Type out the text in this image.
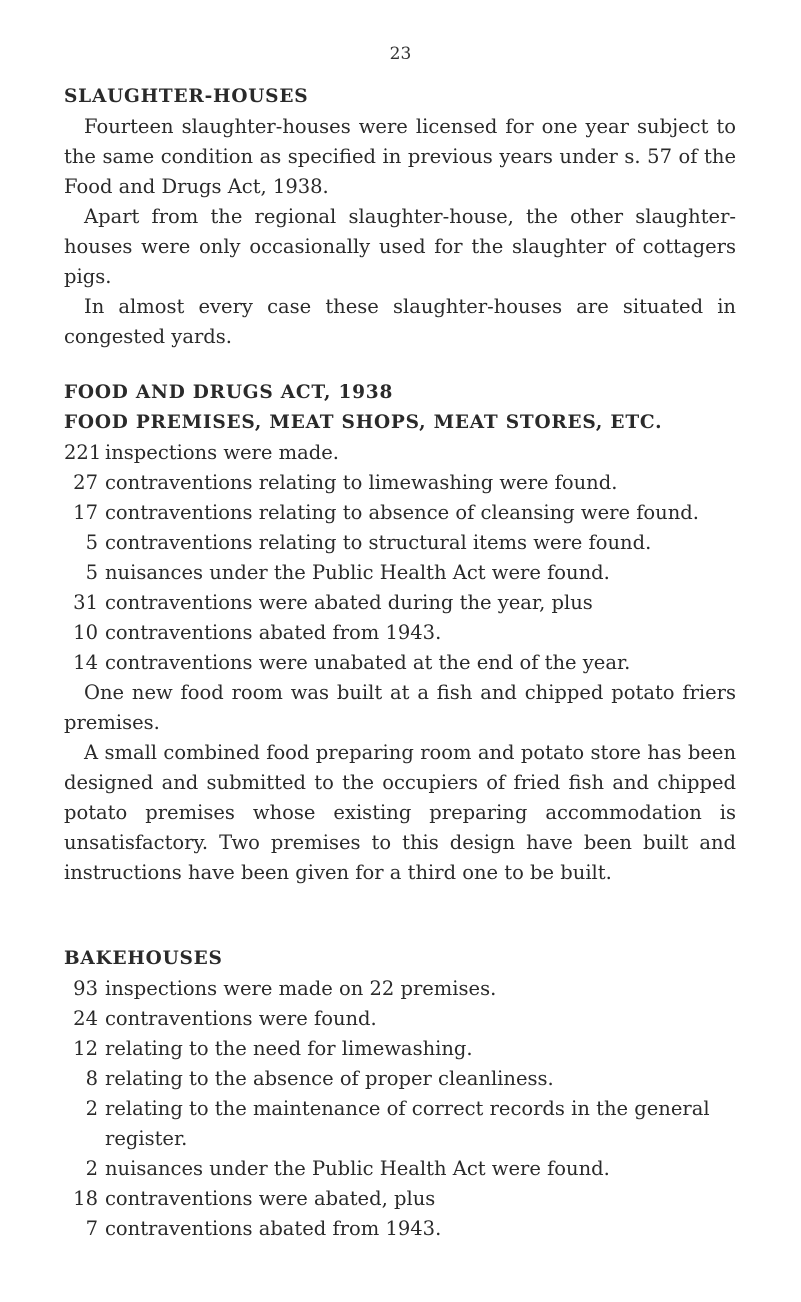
23

SLAUGHTER-HOUSES

Fourteen slaughter-houses were licensed for one year subject to the same condition as specified in previous years under s. 57 of the Food and Drugs Act, 1938.

Apart from the regional slaughter-house, the other slaughter-houses were only occasionally used for the slaughter of cottagers pigs.

In almost every case these slaughter-houses are situated in congested yards.

FOOD AND DRUGS ACT, 1938

FOOD PREMISES, MEAT SHOPS, MEAT STORES, ETC.

221 inspections were made.
27 contraventions relating to limewashing were found.
17 contraventions relating to absence of cleansing were found.
5 contraventions relating to structural items were found.
5 nuisances under the Public Health Act were found.
31 contraventions were abated during the year, plus
10 contraventions abated from 1943.
14 contraventions were unabated at the end of the year.

One new food room was built at a fish and chipped potato friers premises.

A small combined food preparing room and potato store has been designed and submitted to the occupiers of fried fish and chipped potato premises whose existing preparing accommodation is unsatisfactory. Two premises to this design have been built and instructions have been given for a third one to be built.

BAKEHOUSES

93 inspections were made on 22 premises.
24 contraventions were found.
12 relating to the need for limewashing.
8 relating to the absence of proper cleanliness.
2 relating to the maintenance of correct records in the general register.
2 nuisances under the Public Health Act were found.
18 contraventions were abated, plus
7 contraventions abated from 1943.
